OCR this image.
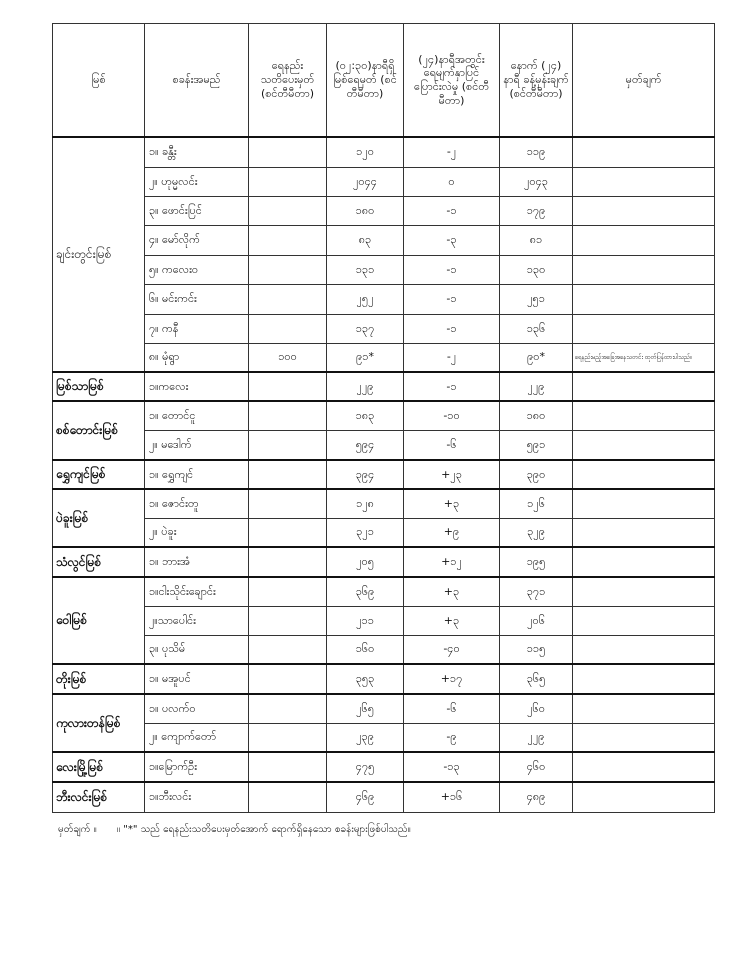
မြစ်	စခန်းအမည်	ရေနည်း သတိပေးမှတ် (စင်တီမီတာ)	(၀၂:၃၀)နာရီရှိ မြစ်ရေမှတ် (စင်တီမီတာ)	(၂၄)နာရီအတွင်း ရေမျက်နှာပြင် ပြောင်းလဲမှု (စင်တီမီတာ)	နောက် (၂၄) နာရီ ခန့်မှန်းချက် (စင်တီမီတာ)	မှတ်ချက်
ချင်းတွင်းမြစ်	၁။ ခန္တီး		၁၂၀	-၂	၁၁၉	
	၂။ ဟုမ္မလင်း		၂၀၄၄	၀	၂၀၄၃	
	၃။ ဖောင်းပြင်		၁၈၀	-၁	၁၇၉	
	၄။ မော်လိုက်		၈၃	-၃	၈၁	
	၅။ ကလေးဝ		၁၃၁	-၁	၁၃၀	
	၆။ မင်းကင်း		၂၅၂	-၁	၂၅၁	
	၇။ ကနီ		၁၃၇	-၁	၁၃၆	
	၈။ မုံရွာ	၁၀၀	၉၁*	-၂	၉၀*	ရေနည်းမည့်အခြေအနေသတင်း ထုတ်ပြန်ထားပါသည်။
မြစ်သာမြစ်	၁။ကလေး		၂၂၉	-၁	၂၂၉	
စစ်တောင်းမြစ်	၁။ တောင်ငူ		၁၈၃	-၁၀	၁၈၀	
	၂။ မဒေါက်		၅၉၄	-၆	၅၉၁	
ရွှေကျင်မြစ်	၁။ ရွှေကျင်		၃၉၄	+၂၃	၃၉၀	
ပဲခူးမြစ်	၁။ ဇောင်းတူ		၁၂၈	+၃	၁၂၆	
	၂။ ပဲခူး		၃၂၁	+၉	၃၂၉	
သံလွင်မြစ်	၁။ ဘားအံ		၂၀၅	+၁၂	၁၉၅	
ဝေါမြစ်	၁။ငါးသိုင်းချောင်း		၃၆၉	+၃	၃၇၁	
	၂။သာပေါင်း		၂၁၁	+၃	၂၀၆	
	၃။ ပုသိမ်		၁၆၀	-၄၀	၁၁၅	
တိုးမြစ်	၁။ မအူပင်		၃၅၃	+၁၇	၃၆၅	
ကုလားတန်မြစ်	၁။ ပလက်ဝ		၂၆၅	-၆	၂၆၀	
	၂။ ကျောက်တော်		၂၃၉	-၉	၂၂၉	
လေးမြို့မြစ်	၁။မြောက်ဦး		၄၇၅	-၁၃	၄၆၀	
ဘီးလင်းမြစ်	၁။ဘီးလင်း		၄၆၉	+၁၆	၄၈၉	
မှတ်ချက် ။ ။ "*" သည် ရေနည်းသတိပေးမှတ်အောက် ရောက်ရှိနေသော စခန်းများဖြစ်ပါသည်။
